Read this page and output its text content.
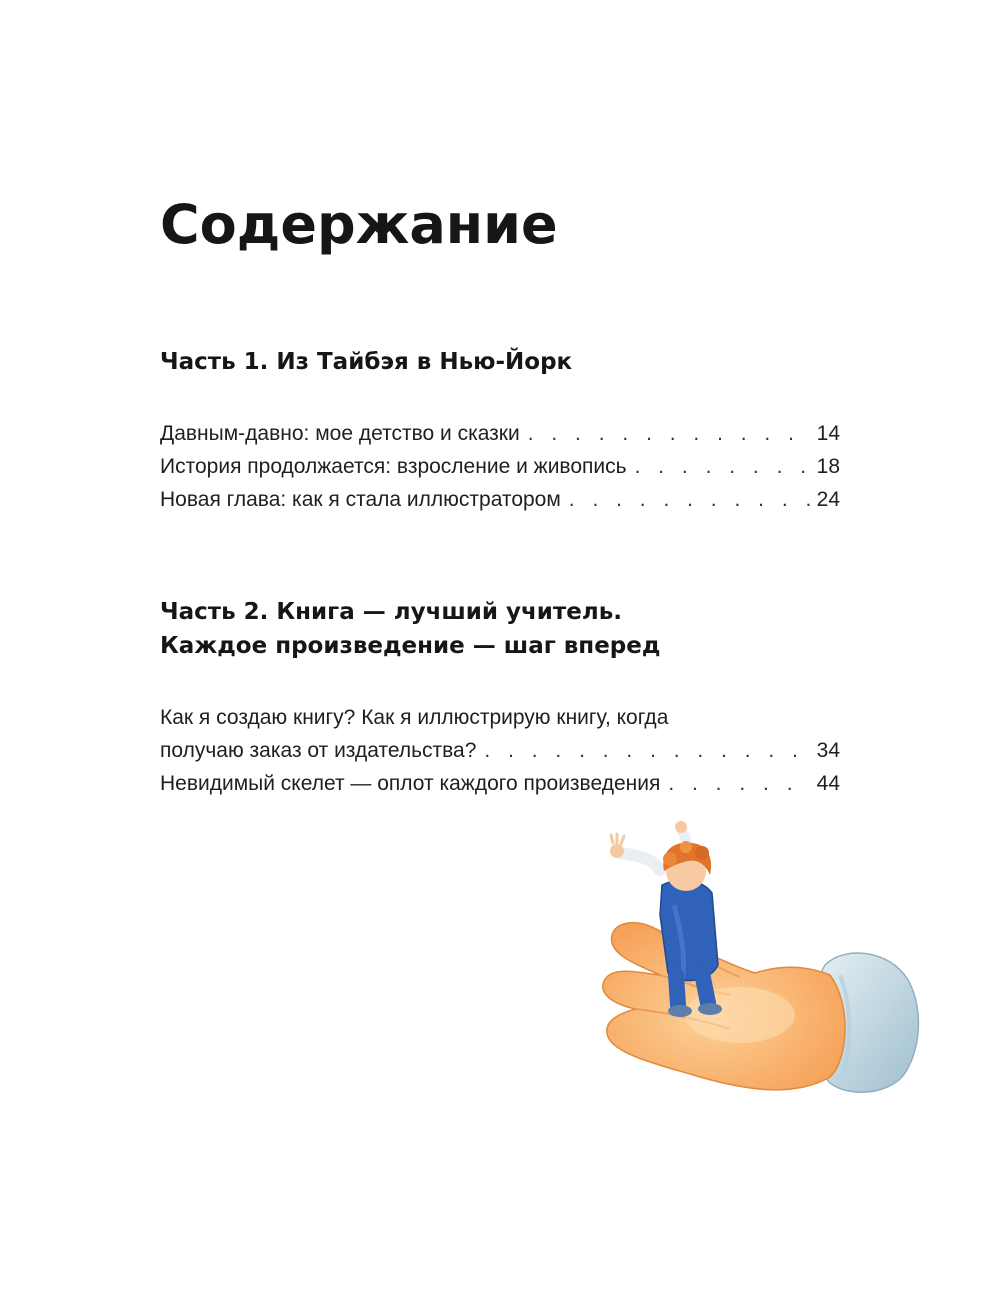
Содержание
Часть 1. Из Тайбэя в Нью-Йорк
Давным-давно: мое детство и сказки . . .	14
История продолжается: взросление и живопись . . .	18
Новая глава: как я стала иллюстратором . . .	24
Часть 2. Книга — лучший учитель.
Каждое произведение — шаг вперед
Как я создаю книгу? Как я иллюстрирую книгу, когда
получаю заказ от издательства? . . .	34
Невидимый скелет — оплот каждого произведения . . .	44
